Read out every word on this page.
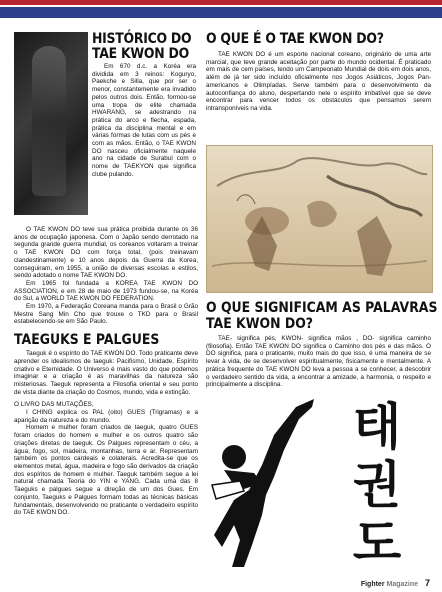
HISTÓRICO DO
TAE KWON DO

Em 670 d.c. a Koréa era dividida em 3 reinos: Koguryo, Paekche e Silla, que por ser o menor, constantemente era invadido pelos outros dois. Então, formou-se uma tropa de elite chamada HWARANG, se adestrando na prática do arco e flecha, espada, prática da disciplina mental e em várias formas de lutas com us pés e com as mãos. Então, o TAE KWON DO nasceu oficialmente naquele ano na cidade de Surabul com o nome de TAEKYON que significa clube pulando.

O TAE KWON DO teve sua prática proibida durante os 36 anos de ocupação japonesa. Com o Japão sendo derrotado na segunda grande guerra mundial, os coreanos voltaram a treinar o TAE KWON DO com força total, (pois treinavam clandestinamente) e 10 anos depois da Guerra da Korea, conseguiram, em 1955, a união de diversas escolas e estilos, sendo adotado o nome TAE KWON DO.

Em 1965 foi fundada a KOREA TAE KWON DO ASSOCIATION, e em 28 de maio de 1973 fundou-se, na Koréa do Sul, a WORLD TAE KWON DO FEDERATION.

Em 1970, a Federação Coreana manda para o Brasil o Grão Mestre Sang Min Cho que trouxe o TKD para o Brasil estabelecendo-se em São Paulo.

TAEGUKS E PALGUES

Taeguk é o espírito do TAE KWON DO. Todo praticante deve aprender os idealismos de taeguk: Pacifismo, Unidade, Espírito criativo e Eternidade. O Universo é mais vasto do que podemos imaginar e a criação é as maravilhas da natureza são misteriosas. Taeguk representa a Filosofia oriental e seu ponto de vista diante da criação do Cosmos, mundo, vida e extinção.

O LIVRO DAS MUTAÇÕES,

I CHING explica os PAL (oito) GUES (Trigramas) e a aparição da natureza e do mundo.

Homem e mulher foram criados de taeguk, quatro GUES foram criados do homem e mulher e os outros quatro são criações diretas de taeguk. Os Palgues representam o céu, a água, fogo, sol, madeira, montanhas, terra e ar. Representam também os pontos cardeais e colaterais. Acredita-se que os elementos metal, água, madeira e fogo são derivados da criação dos espíritos de homem e mulher. Taeguk também segue a lei natural chamada Teoria do YIN e YANG. Cada uma das 8 Taeguks e palgues segue a direção de um dos Gues. Em conjunto, Taeguks e Palgues formam todas as técnicas básicas fundamentais, desenvolvendo no praticante o verdadeiro espírito do TAE KWON DO.

O QUE É O TAE KWON DO?

TAE KWON DO é um esporte nacional coreano, originário de uma arte marcial, que teve grande aceitação por parte do mundo ocidental. É praticado em mais de cem países, tendo um Campeonato Mundial de dois em dois anos, além de já ter sido incluído oficialmente nos Jogos Asiáticos, Jogos Pan-americanos e Olimpíadas. Serve também para o desenvolvimento da autoconfiança do aluno, despertando nele o espírito imbatível que se deve encontrar para vencer todos os obstáculos que pensamos serem intransponíveis na vida.

O QUE SIGNIFICAM AS PALAVRAS
TAE KWON DO?

TAE- significa pés, KWON- significa mãos , DO- significa caminho (filosofia). Então TAE KWON DO significa o Caminho dos pés e das mãos. O DO significa, para o praticante, muito mais do que isso, é uma maneira de se levar à vida, de se desenvolver espiritualmente, fisicamente e mentalmente. A prática frequente do TAE KWON DO leva a pessoa a se conhecer, a descobrir o verdadeiro sentido da vida, a encontrar a amizade, a harmonia, o respeito e principalmente a disciplina.

태
권
도
Fighter Magazine 7
